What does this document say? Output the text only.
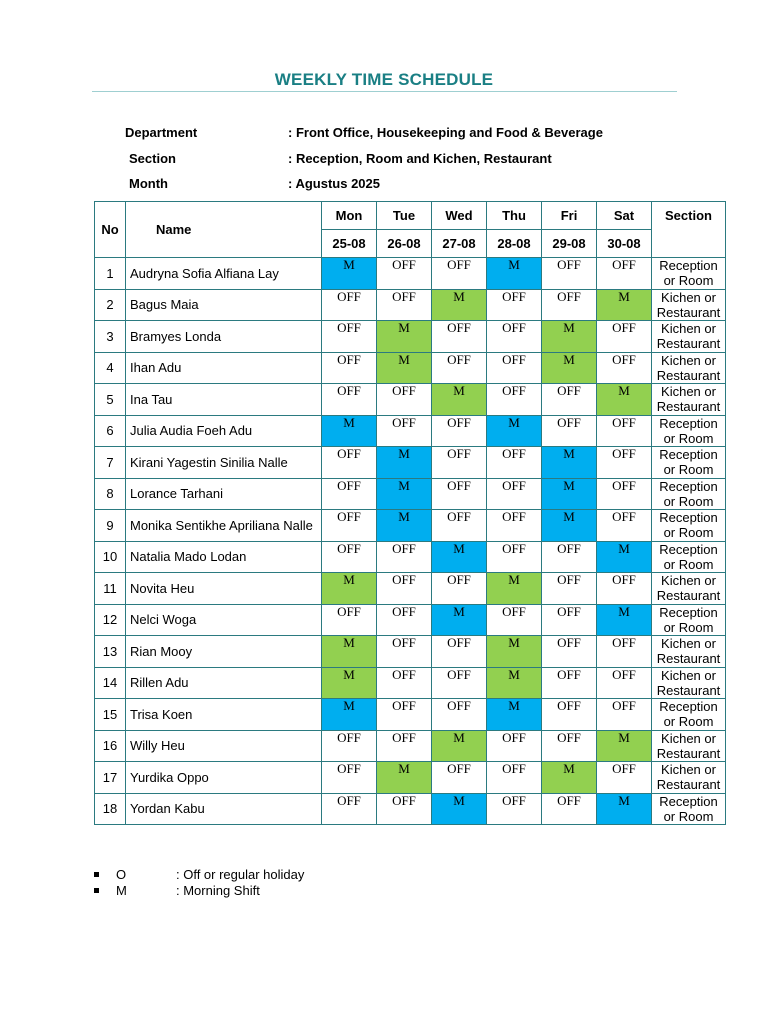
WEEKLY TIME SCHEDULE
Department	: Front Office, Housekeeping and Food & Beverage
Section	: Reception, Room and Kichen, Restaurant
Month	: Agustus 2025
No	Name	Mon	Tue	Wed	Thu	Fri	Sat	Section
		25-08	26-08	27-08	28-08	29-08	30-08	
1	Audryna Sofia Alfiana Lay	M	OFF	OFF	M	OFF	OFF	Reception
or Room

2	Bagus Maia	OFF	OFF	M	OFF	OFF	M	Kichen or
Restaurant

3	Bramyes Londa	OFF	M	OFF	OFF	M	OFF	Kichen or
Restaurant

4	Ihan Adu	OFF	M	OFF	OFF	M	OFF	Kichen or
Restaurant

5	Ina Tau	OFF	OFF	M	OFF	OFF	M	Kichen or
Restaurant

6	Julia Audia Foeh Adu	M	OFF	OFF	M	OFF	OFF	Reception
or Room

7	Kirani Yagestin Sinilia Nalle	OFF	M	OFF	OFF	M	OFF	Reception
or Room

8	Lorance Tarhani	OFF	M	OFF	OFF	M	OFF	Reception
or Room

9	Monika Sentikhe Apriliana Nalle	OFF	M	OFF	OFF	M	OFF	Reception
or Room

10	Natalia Mado Lodan	OFF	OFF	M	OFF	OFF	M	Reception
or Room

11	Novita Heu	M	OFF	OFF	M	OFF	OFF	Kichen or
Restaurant

12	Nelci Woga	OFF	OFF	M	OFF	OFF	M	Reception
or Room

13	Rian Mooy	M	OFF	OFF	M	OFF	OFF	Kichen or
Restaurant

14	Rillen Adu	M	OFF	OFF	M	OFF	OFF	Kichen or
Restaurant

15	Trisa Koen	M	OFF	OFF	M	OFF	OFF	Reception
or Room

16	Willy Heu	OFF	OFF	M	OFF	OFF	M	Kichen or
Restaurant

17	Yurdika Oppo	OFF	M	OFF	OFF	M	OFF	Kichen or
Restaurant

18	Yordan Kabu	OFF	OFF	M	OFF	OFF	M	Reception
or Room
O	: Off or regular holiday
M	: Morning Shift
